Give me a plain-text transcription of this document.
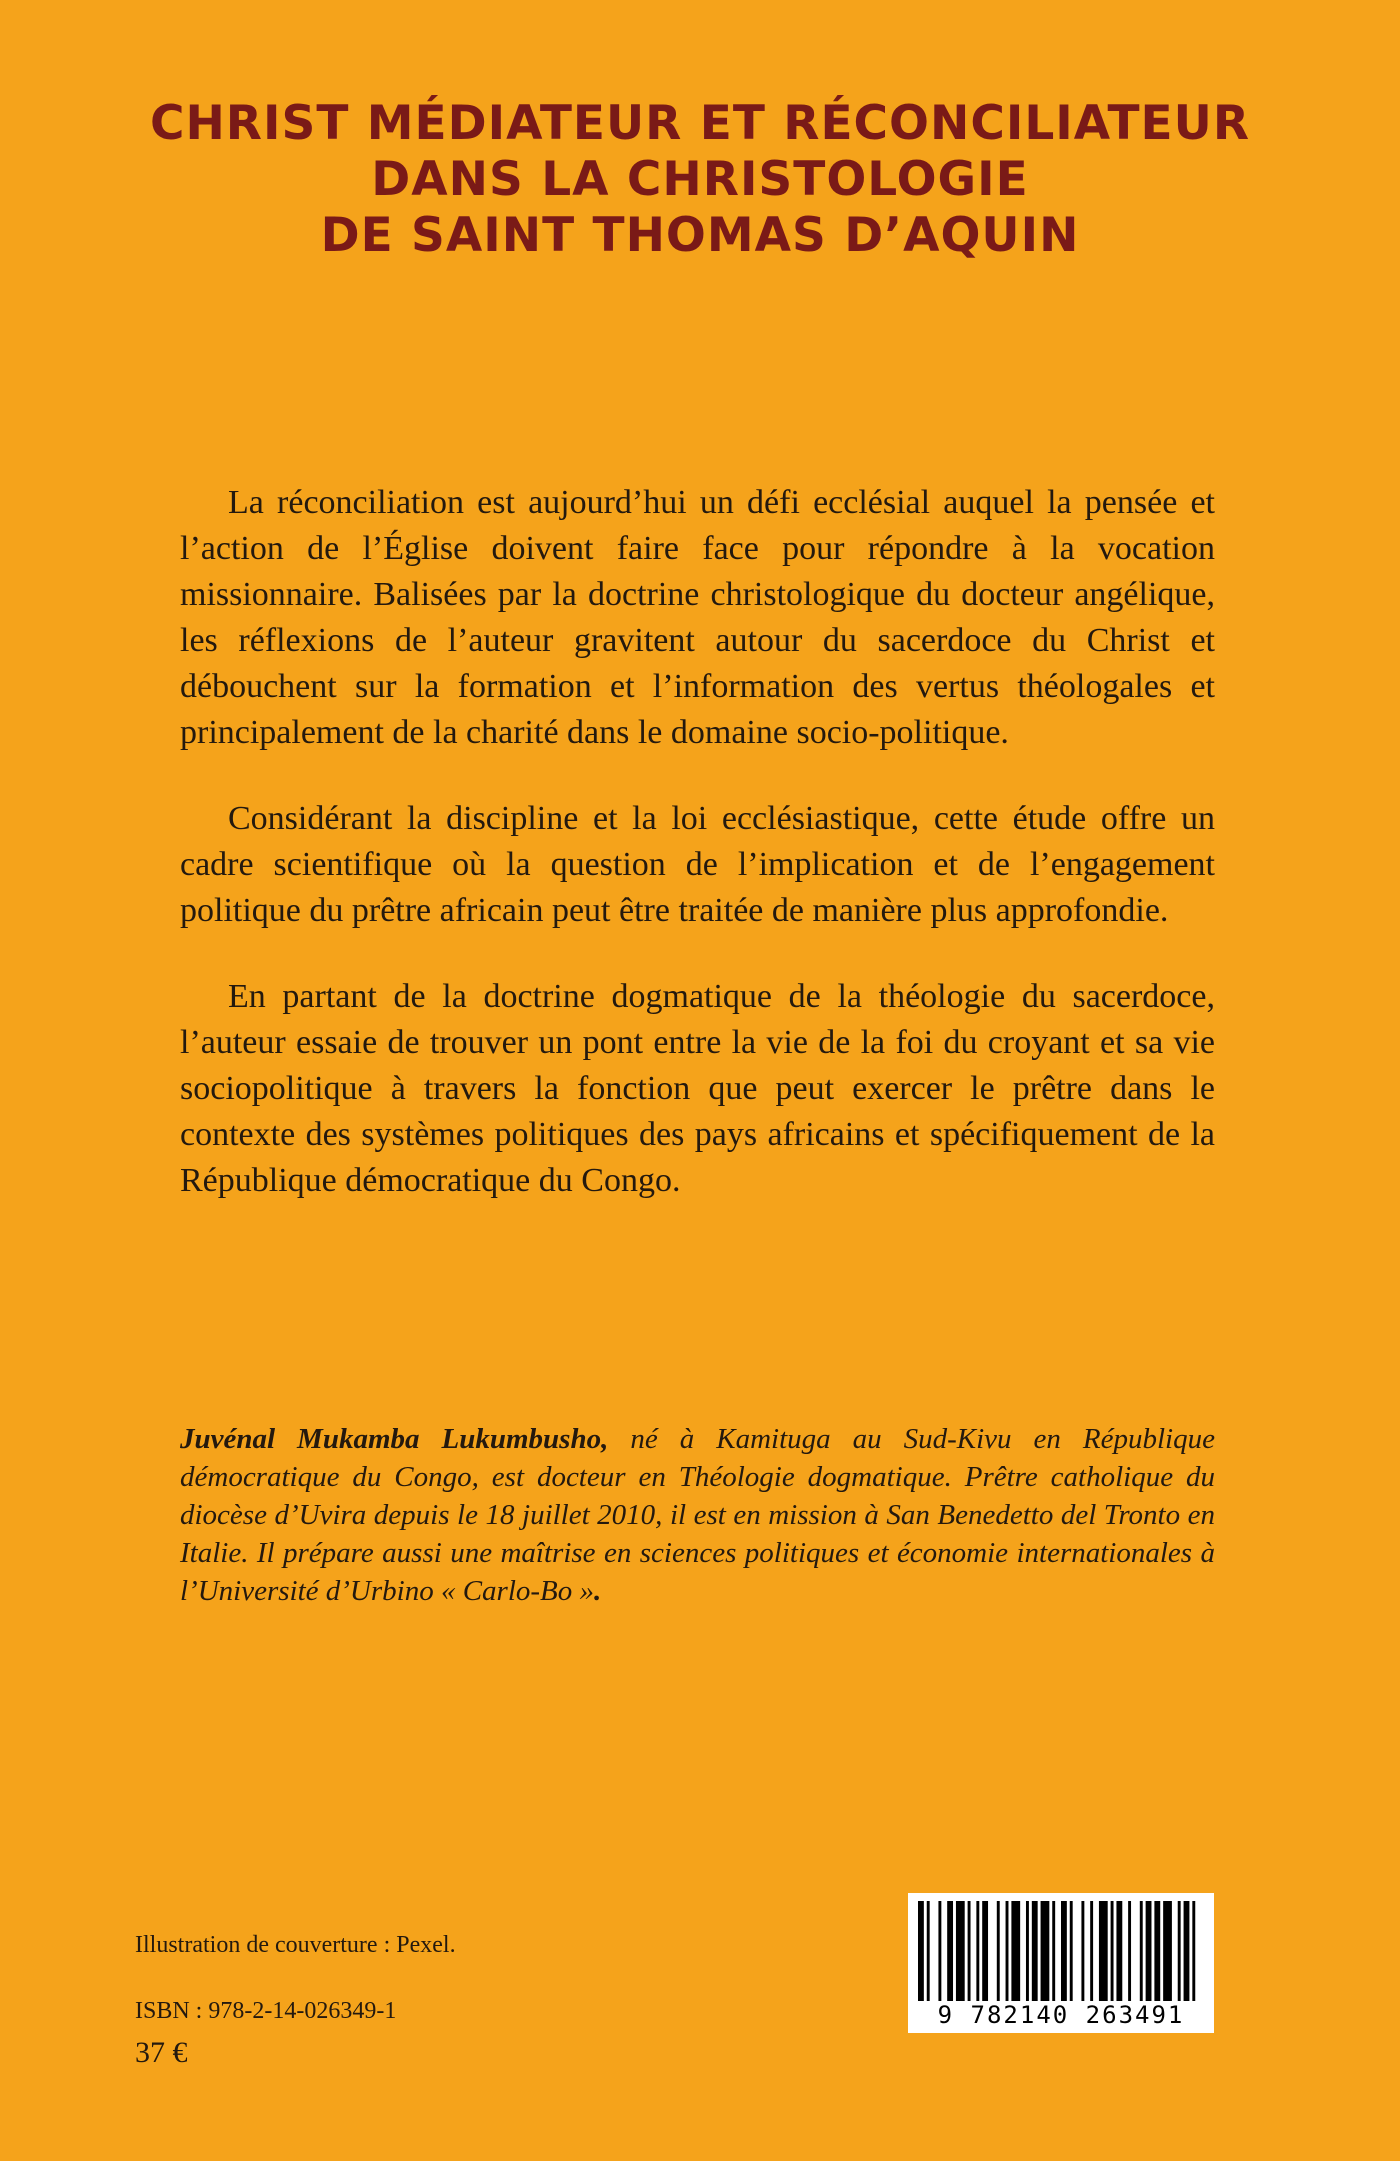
CHRIST MÉDIATEUR ET RÉCONCILIATEUR
DANS LA CHRISTOLOGIE
DE SAINT THOMAS D’AQUIN

La réconciliation est aujourd’hui un défi ecclésial auquel la pensée et l’action de l’Église doivent faire face pour répondre à la vocation missionnaire. Balisées par la doctrine christologique du docteur angélique, les réflexions de l’auteur gravitent autour du sacerdoce du Christ et débouchent sur la formation et l’information des vertus théologales et principalement de la charité dans le domaine socio-politique.

Considérant la discipline et la loi ecclésiastique, cette étude offre un cadre scientifique où la question de l’implication et de l’engagement politique du prêtre africain peut être traitée de manière plus approfondie.

En partant de la doctrine dogmatique de la théologie du sacerdoce, l’auteur essaie de trouver un pont entre la vie de la foi du croyant et sa vie sociopolitique à travers la fonction que peut exercer le prêtre dans le contexte des systèmes politiques des pays africains et spécifiquement de la République démocratique du Congo.

Juvénal Mukamba Lukumbusho, né à Kamituga au Sud-Kivu en République démocratique du Congo, est docteur en Théologie dogmatique. Prêtre catholique du diocèse d’Uvira depuis le 18 juillet 2010, il est en mission à San Benedetto del Tronto en Italie. Il prépare aussi une maîtrise en sciences politiques et économie internationales à l’Université d’Urbino « Carlo-Bo ».
Illustration de couverture : Pexel.
ISBN : 978-2-14-026349-1
37 €
9 782140 263491
